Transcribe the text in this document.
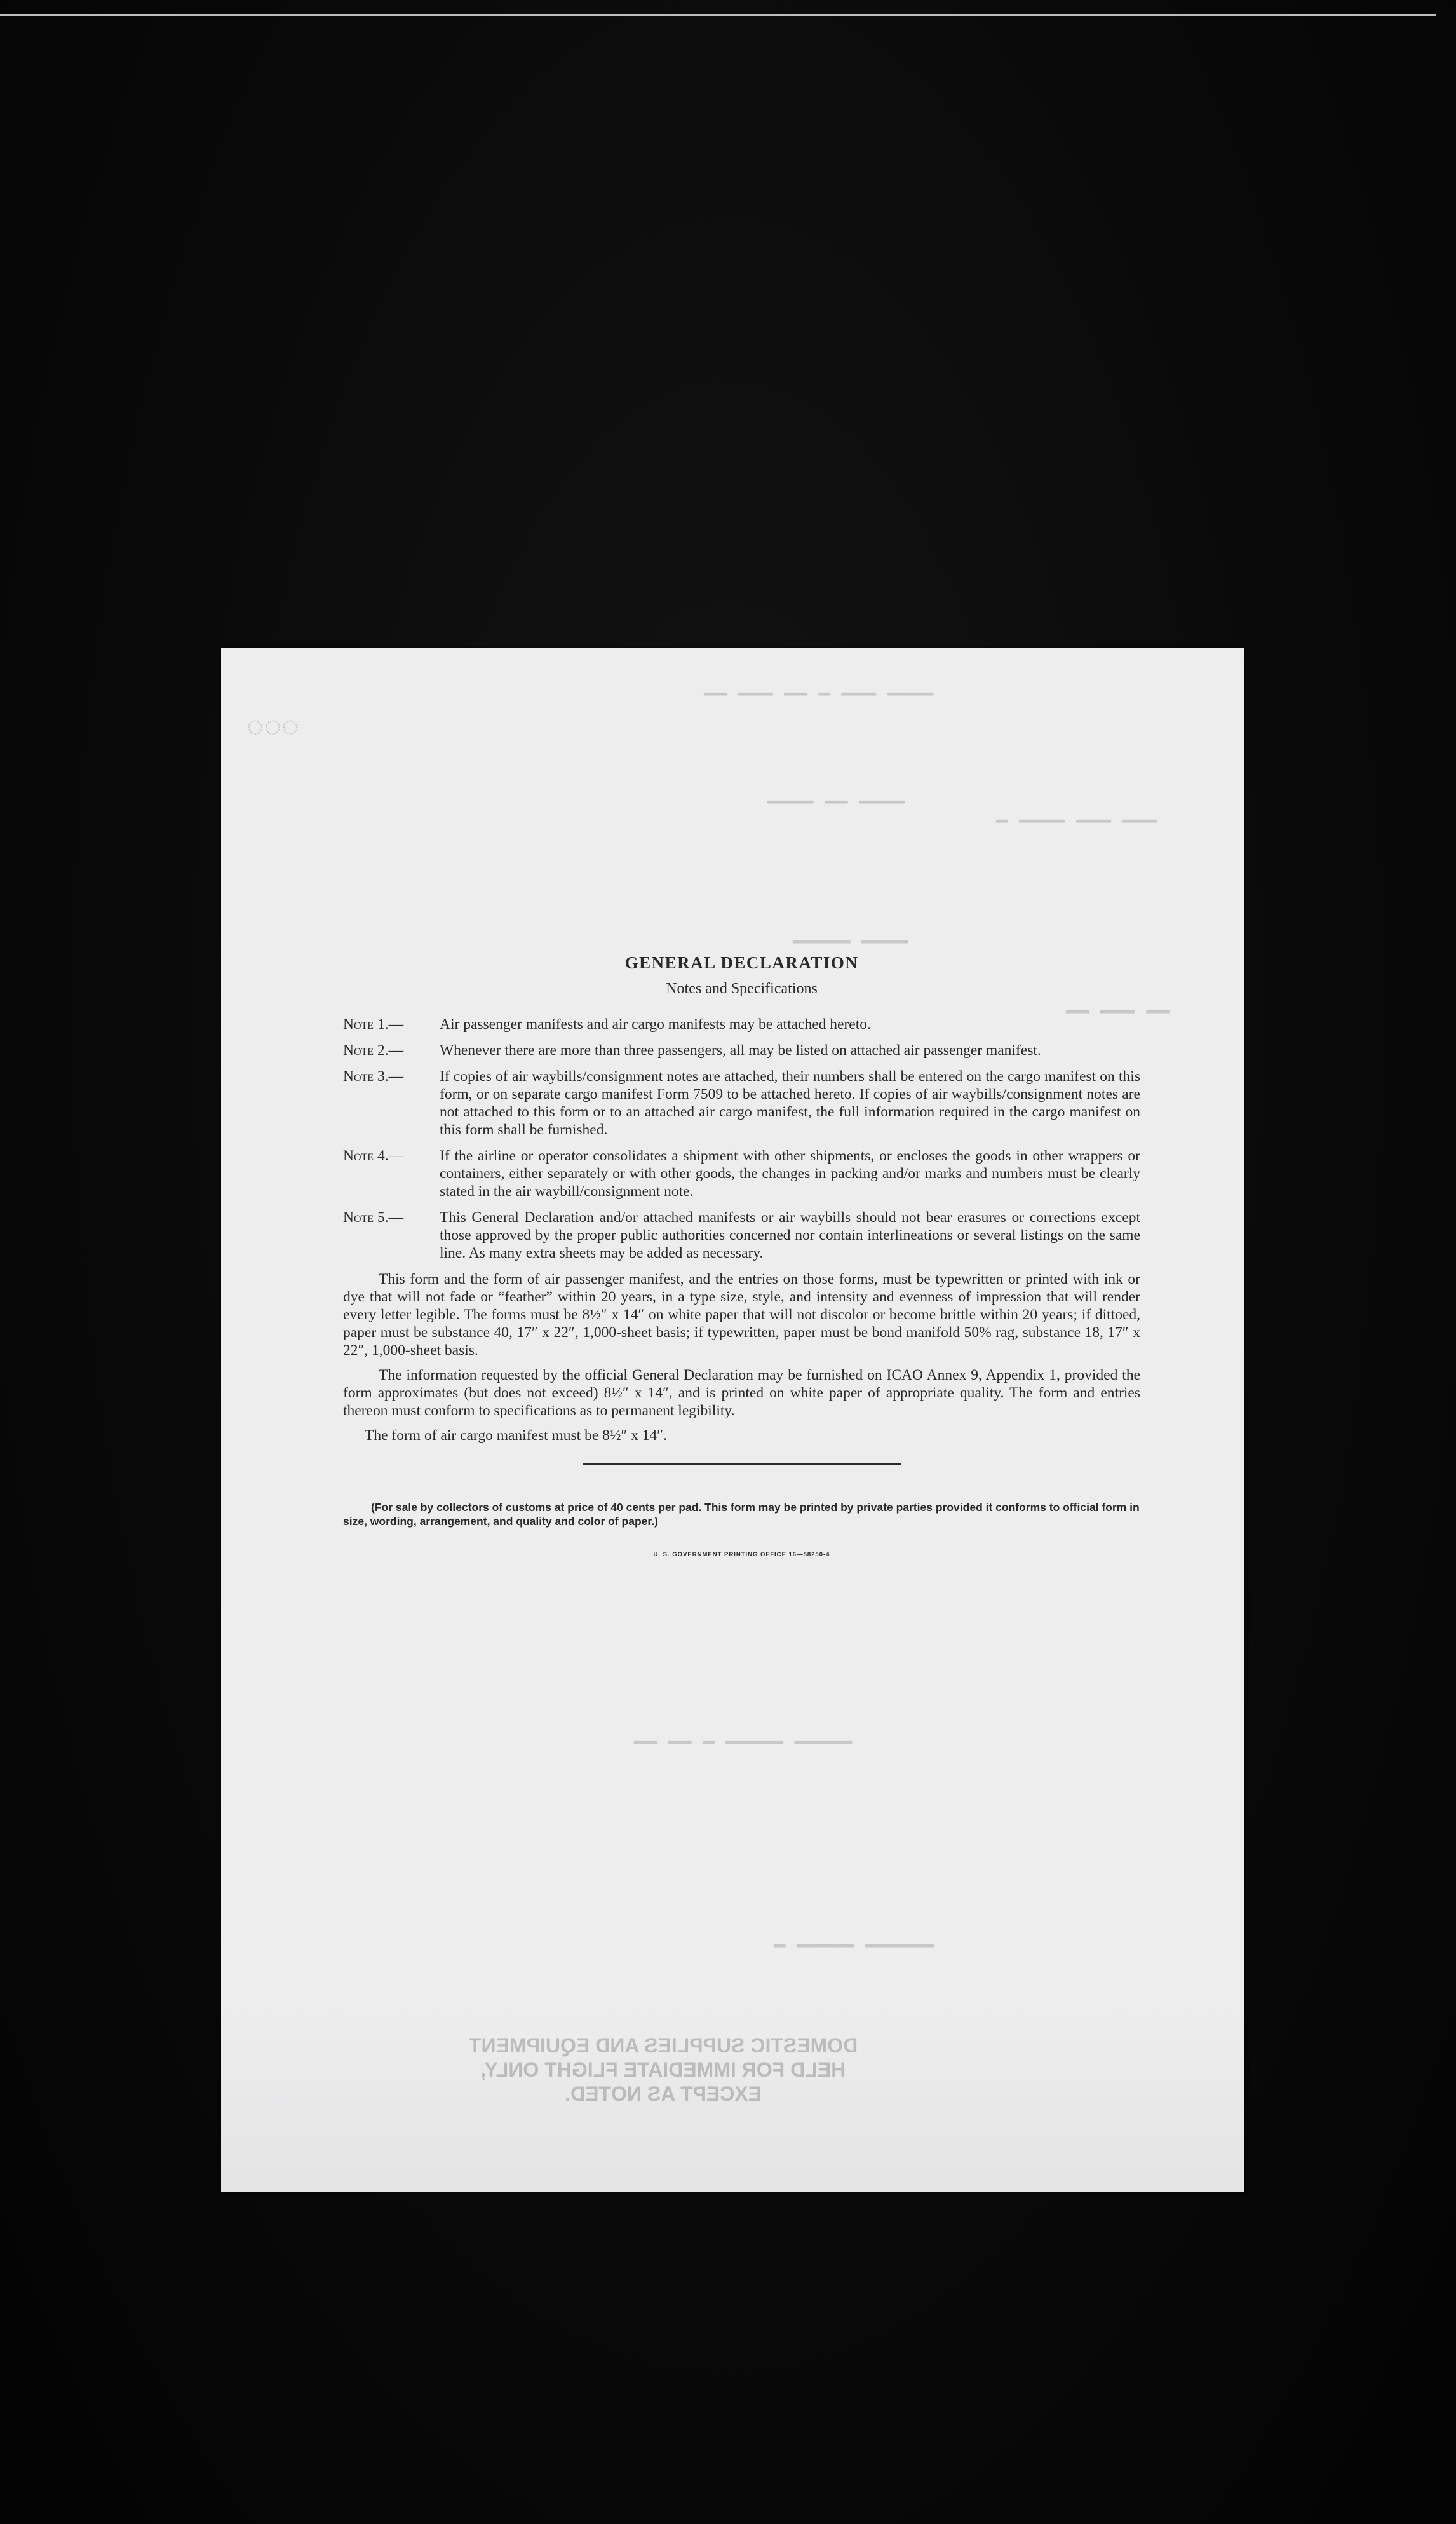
▁▁ ▁▁▁ ▁▁ ▁ ▁▁▁ ▁▁▁▁
◌◌◌
▁▁▁▁ ▁▁ ▁▁▁▁
▁ ▁▁▁▁ ▁▁▁ ▁▁▁
▁▁▁▁▁ ▁▁▁▁
▁▁ ▁▁▁ ▁▁
▁▁ ▁▁ ▁ ▁▁▁▁▁ ▁▁▁▁▁
▁ ▁▁▁▁▁ ▁▁▁▁▁▁
DOMESTIC SUPPLIES AND EQUIPMENT
HELD FOR IMMEDIATE FLIGHT ONLY,
EXCEPT AS NOTED.
GENERAL DECLARATION
Notes and Specifications
Note 1.— Air passenger manifests and air cargo manifests may be attached hereto.
Note 2.— Whenever there are more than three passengers, all may be listed on attached air passenger manifest.
Note 3.— If copies of air waybills/consignment notes are attached, their numbers shall be entered on the cargo manifest on this form, or on separate cargo manifest Form 7509 to be attached hereto. If copies of air waybills/consignment notes are not attached to this form or to an attached air cargo manifest, the full information required in the cargo manifest on this form shall be furnished.
Note 4.— If the airline or operator consolidates a shipment with other shipments, or encloses the goods in other wrappers or containers, either separately or with other goods, the changes in packing and/or marks and numbers must be clearly stated in the air waybill/consignment note.
Note 5.— This General Declaration and/or attached manifests or air waybills should not bear erasures or corrections except those approved by the proper public authorities concerned nor contain interlineations or several listings on the same line. As many extra sheets may be added as necessary.

This form and the form of air passenger manifest, and the entries on those forms, must be typewritten or printed with ink or dye that will not fade or “feather” within 20 years, in a type size, style, and intensity and evenness of impression that will render every letter legible. The forms must be 8½″ x 14″ on white paper that will not discolor or become brittle within 20 years; if dittoed, paper must be substance 40, 17″ x 22″, 1,000-sheet basis; if typewritten, paper must be bond manifold 50% rag, substance 18, 17″ x 22″, 1,000-sheet basis.

The information requested by the official General Declaration may be furnished on ICAO Annex 9, Appendix 1, provided the form approximates (but does not exceed) 8½″ x 14″, and is printed on white paper of appropriate quality. The form and entries thereon must conform to specifications as to permanent legibility.

The form of air cargo manifest must be 8½″ x 14″.

(For sale by collectors of customs at price of 40 cents per pad. This form may be printed by private parties provided it conforms to official form in size, wording, arrangement, and quality and color of paper.)

U. S. GOVERNMENT PRINTING OFFICE 16—58250-4
